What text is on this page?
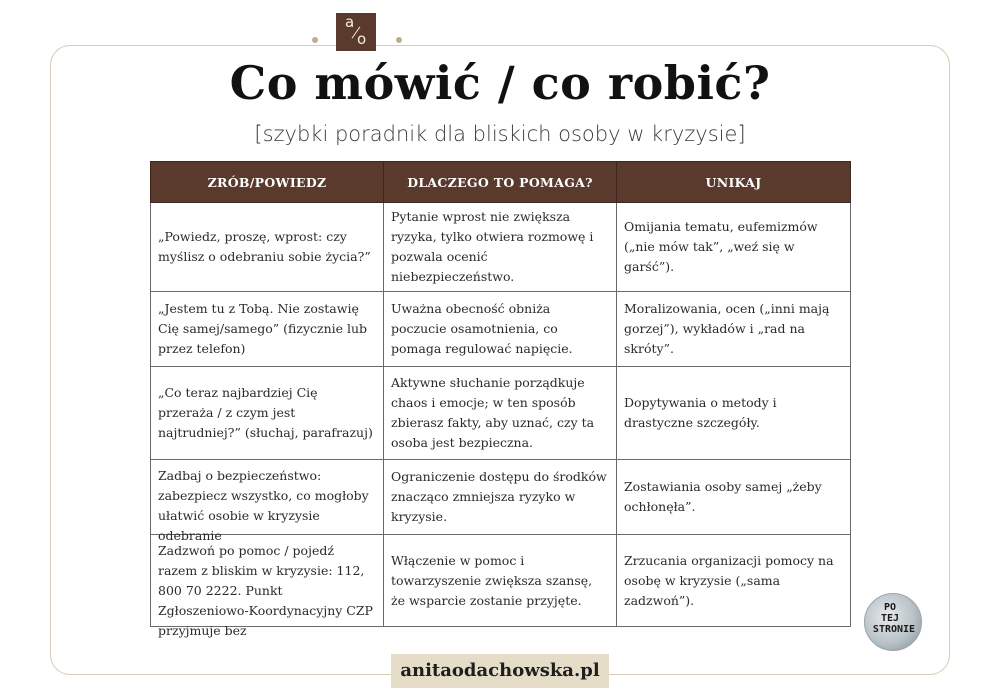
a
o
Co mówić / co robić?
[szybki poradnik dla bliskich osoby w kryzysie]
ZRÓB/POWIEDZ	DLACZEGO TO POMAGA?	UNIKAJ
„Powiedz, proszę, wprost: czy myślisz o odebraniu sobie życia?”	Pytanie wprost nie zwiększa ryzyka, tylko otwiera rozmowę i pozwala ocenić niebezpieczeństwo.	Omijania tematu, eufemizmów („nie mów tak”, „weź się w garść”).
„Jestem tu z Tobą. Nie zostawię Cię samej/samego” (fizycznie lub przez telefon)	Uważna obecność obniża poczucie osamotnienia, co pomaga regulować napięcie.	Moralizowania, ocen („inni mają gorzej”), wykładów i „rad na skróty”.
„Co teraz najbardziej Cię przeraża / z czym jest najtrudniej?” (słuchaj, parafrazuj)	Aktywne słuchanie porządkuje chaos i emocje; w ten sposób zbierasz fakty, aby uznać, czy ta osoba jest bezpieczna.	Dopytywania o metody i drastyczne szczegóły.

Zadbaj o bezpieczeństwo: zabezpiecz wszystko, co mogłoby ułatwić osobie w kryzysie odebranie	Ograniczenie dostępu do środków znacząco zmniejsza ryzyko w kryzysie.	Zostawiania osoby samej „żeby ochłonęła”.

Zadzwoń po pomoc / pojedź razem z bliskim w kryzysie: 112, 800 70 2222. Punkt Zgłoszeniowo-Koordynacyjny CZP przyjmuje bez	Włączenie w pomoc i towarzyszenie zwiększa szansę, że wsparcie zostanie przyjęte.	Zrzucania organizacji pomocy na osobę w kryzysie („sama zadzwoń”).	PO
TEJ
STRONIE
anitaodachowska.pl
